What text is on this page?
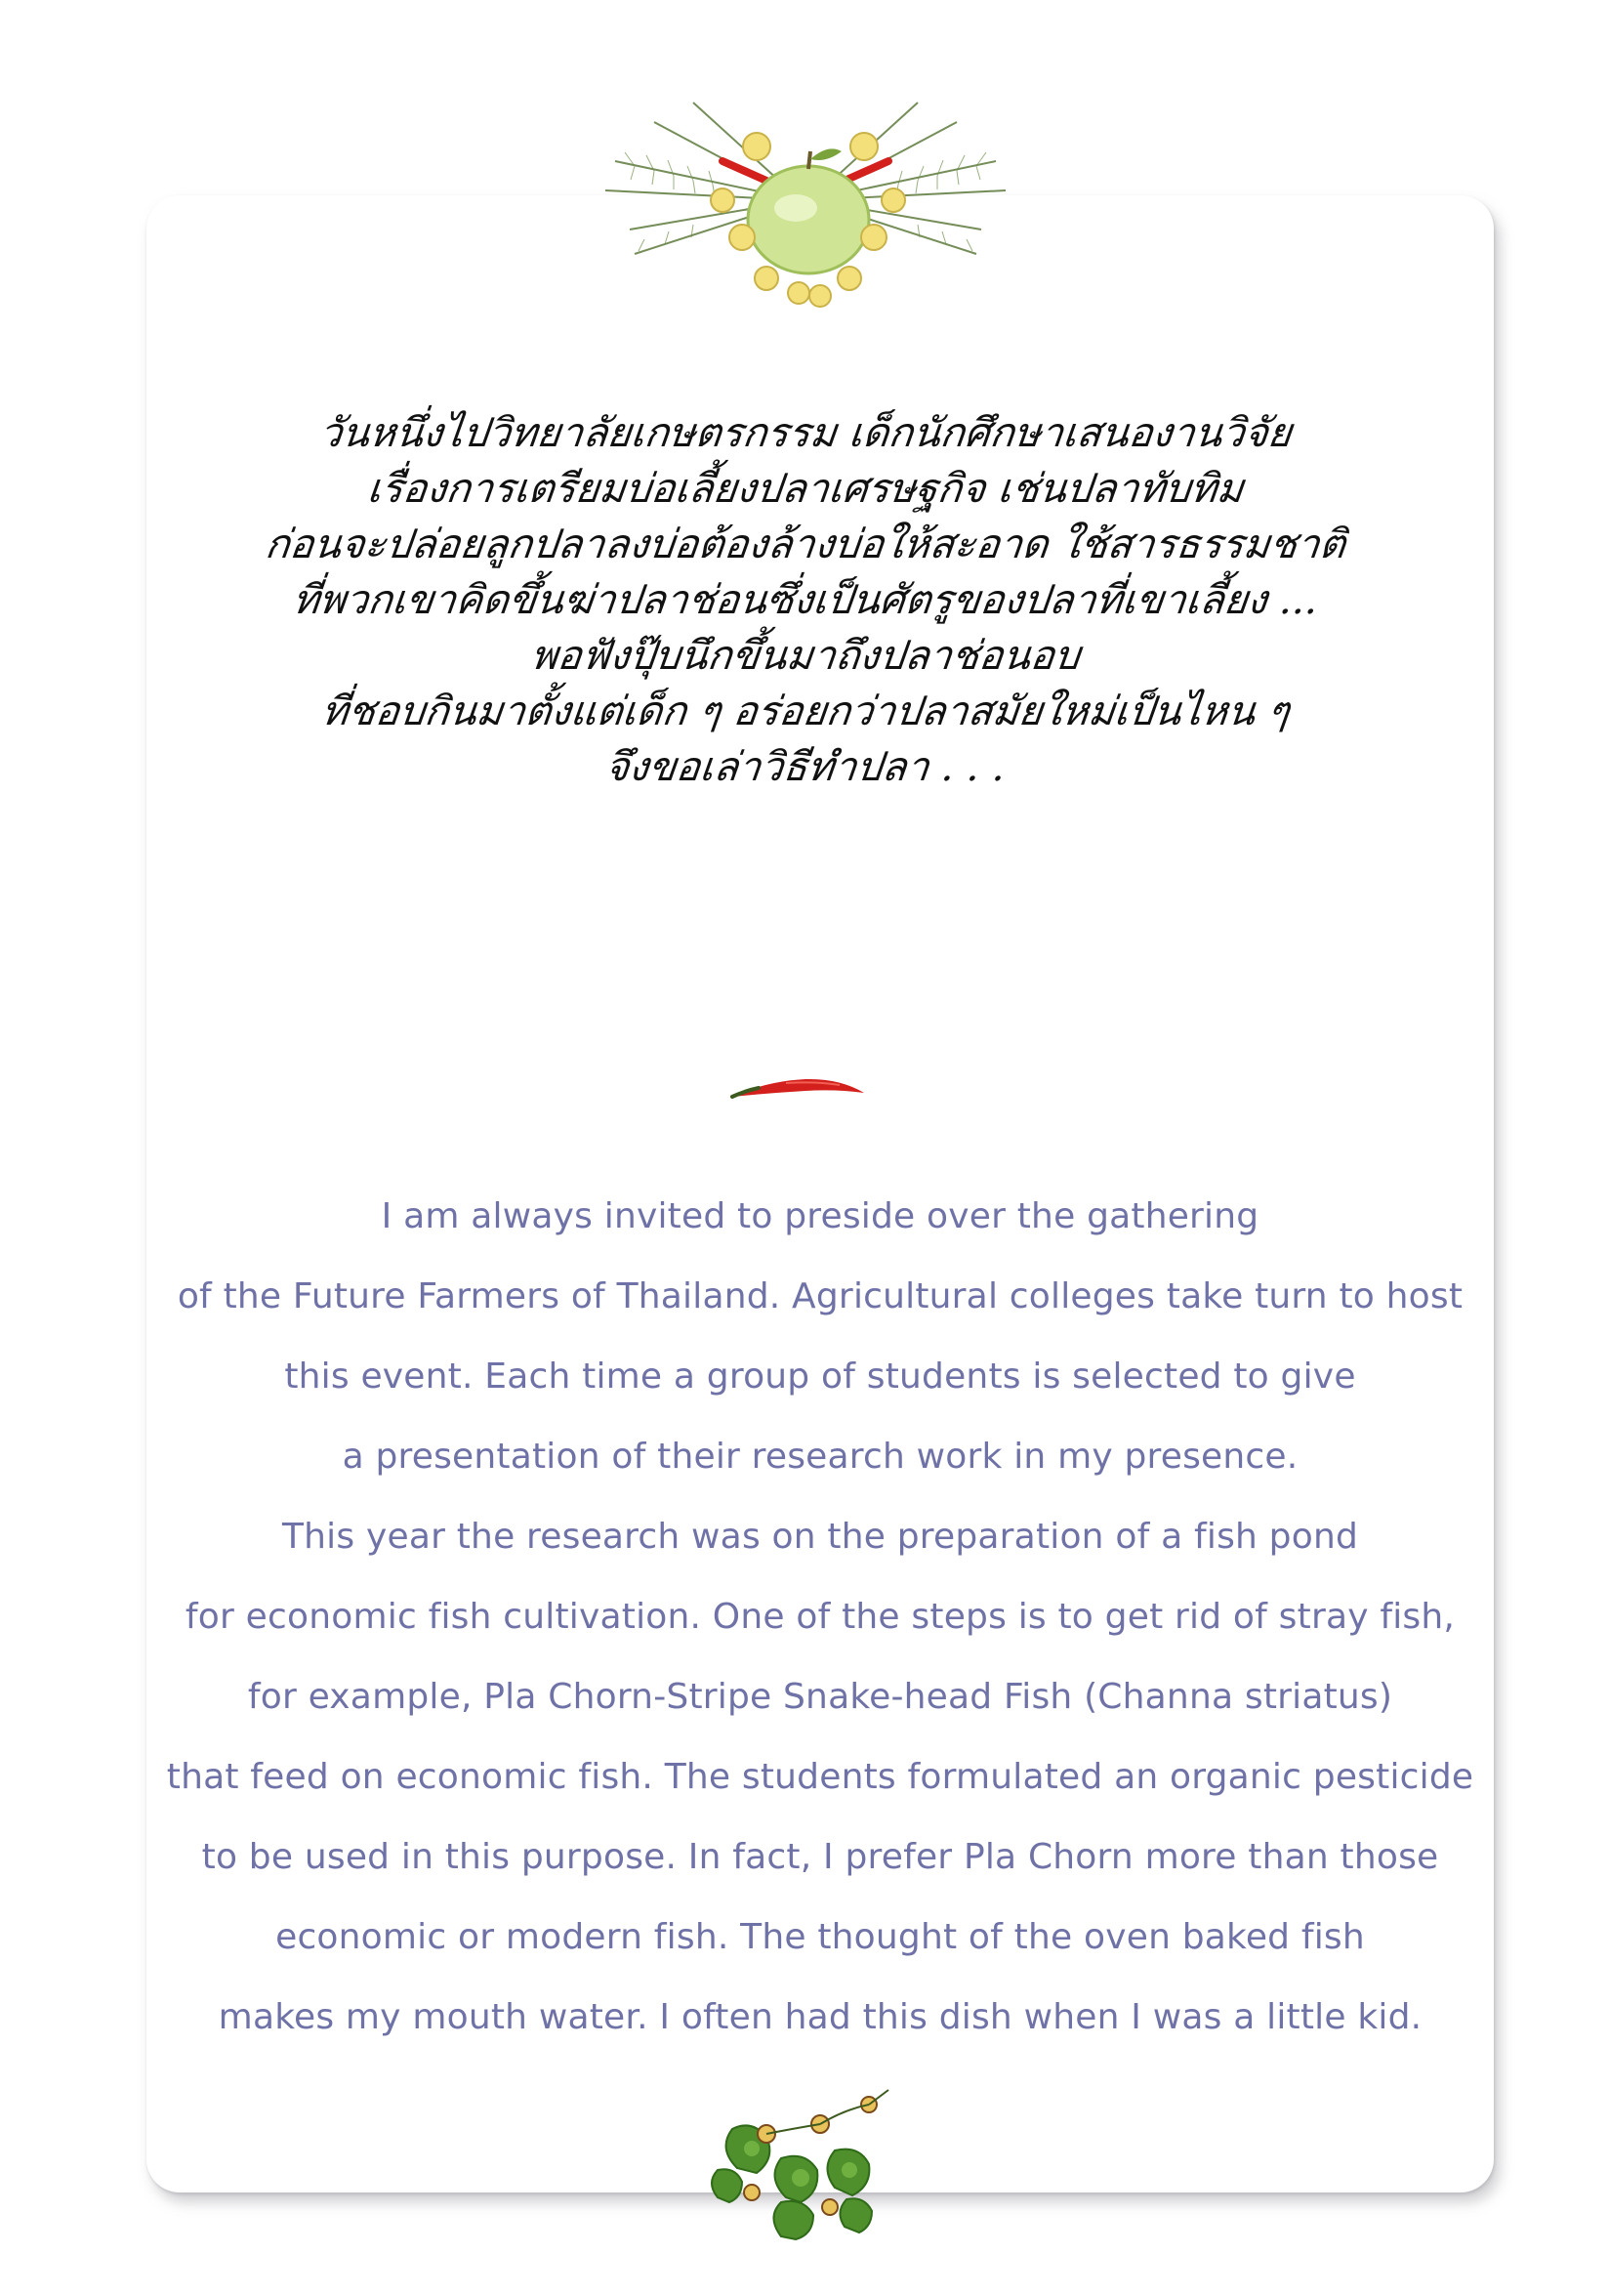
วันหนึ่งไปวิทยาลัยเกษตรกรรม เด็กนักศึกษาเสนองานวิจัย
เรื่องการเตรียมบ่อเลี้ยงปลาเศรษฐกิจ เช่นปลาทับทิม
ก่อนจะปล่อยลูกปลาลงบ่อต้องล้างบ่อให้สะอาด ใช้สารธรรมชาติ
ที่พวกเขาคิดขึ้นฆ่าปลาช่อนซึ่งเป็นศัตรูของปลาที่เขาเลี้ยง ...
พอฟังปุ๊บนึกขึ้นมาถึงปลาช่อนอบ
ที่ชอบกินมาตั้งแต่เด็ก ๆ อร่อยกว่าปลาสมัยใหม่เป็นไหน ๆ
จึงขอเล่าวิธีทำปลา . . .
I am always invited to preside over the gathering
of the Future Farmers of Thailand. Agricultural colleges take turn to host
this event. Each time a group of students is selected to give
a presentation of their research work in my presence.
This year the research was on the preparation of a fish pond
for economic fish cultivation. One of the steps is to get rid of stray fish,
for example, Pla Chorn-Stripe Snake-head Fish (Channa striatus)
that feed on economic fish. The students formulated an organic pesticide
to be used in this purpose. In fact, I prefer Pla Chorn more than those
economic or modern fish. The thought of the oven baked fish
makes my mouth water. I often had this dish when I was a little kid.
